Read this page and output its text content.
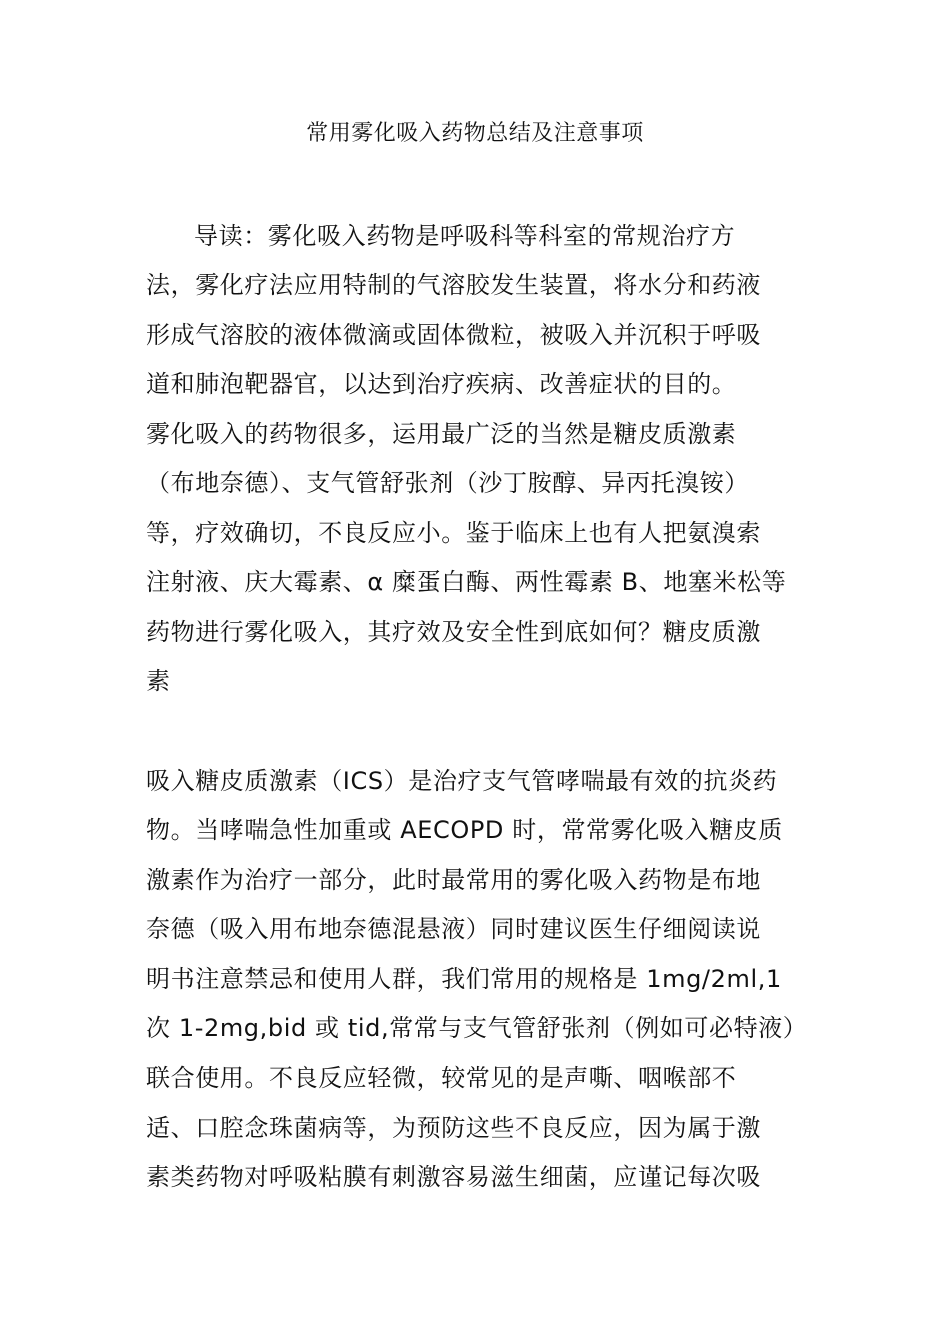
常用雾化吸入药物总结及注意事项
导读：雾化吸入药物是呼吸科等科室的常规治疗方
法，雾化疗法应用特制的气溶胶发生装置，将水分和药液
形成气溶胶的液体微滴或固体微粒，被吸入并沉积于呼吸
道和肺泡靶器官，以达到治疗疾病、改善症状的目的。
雾化吸入的药物很多，运用最广泛的当然是糖皮质激素
（布地奈德）、支气管舒张剂（沙丁胺醇、异丙托溴铵）
等，疗效确切，不良反应小。鉴于临床上也有人把氨溴索
注射液、庆大霉素、α 糜蛋白酶、两性霉素 B、地塞米松等
药物进行雾化吸入，其疗效及安全性到底如何？糖皮质激
素
吸入糖皮质激素（ICS）是治疗支气管哮喘最有效的抗炎药
物。当哮喘急性加重或 AECOPD 时，常常雾化吸入糖皮质
激素作为治疗一部分，此时最常用的雾化吸入药物是布地
奈德（吸入用布地奈德混悬液）同时建议医生仔细阅读说
明书注意禁忌和使用人群，我们常用的规格是 1mg/2ml,1
次 1-2mg,bid 或 tid,常常与支气管舒张剂（例如可必特液）
联合使用。不良反应轻微，较常见的是声嘶、咽喉部不
适、口腔念珠菌病等，为预防这些不良反应，因为属于激
素类药物对呼吸粘膜有刺激容易滋生细菌，应谨记每次吸
